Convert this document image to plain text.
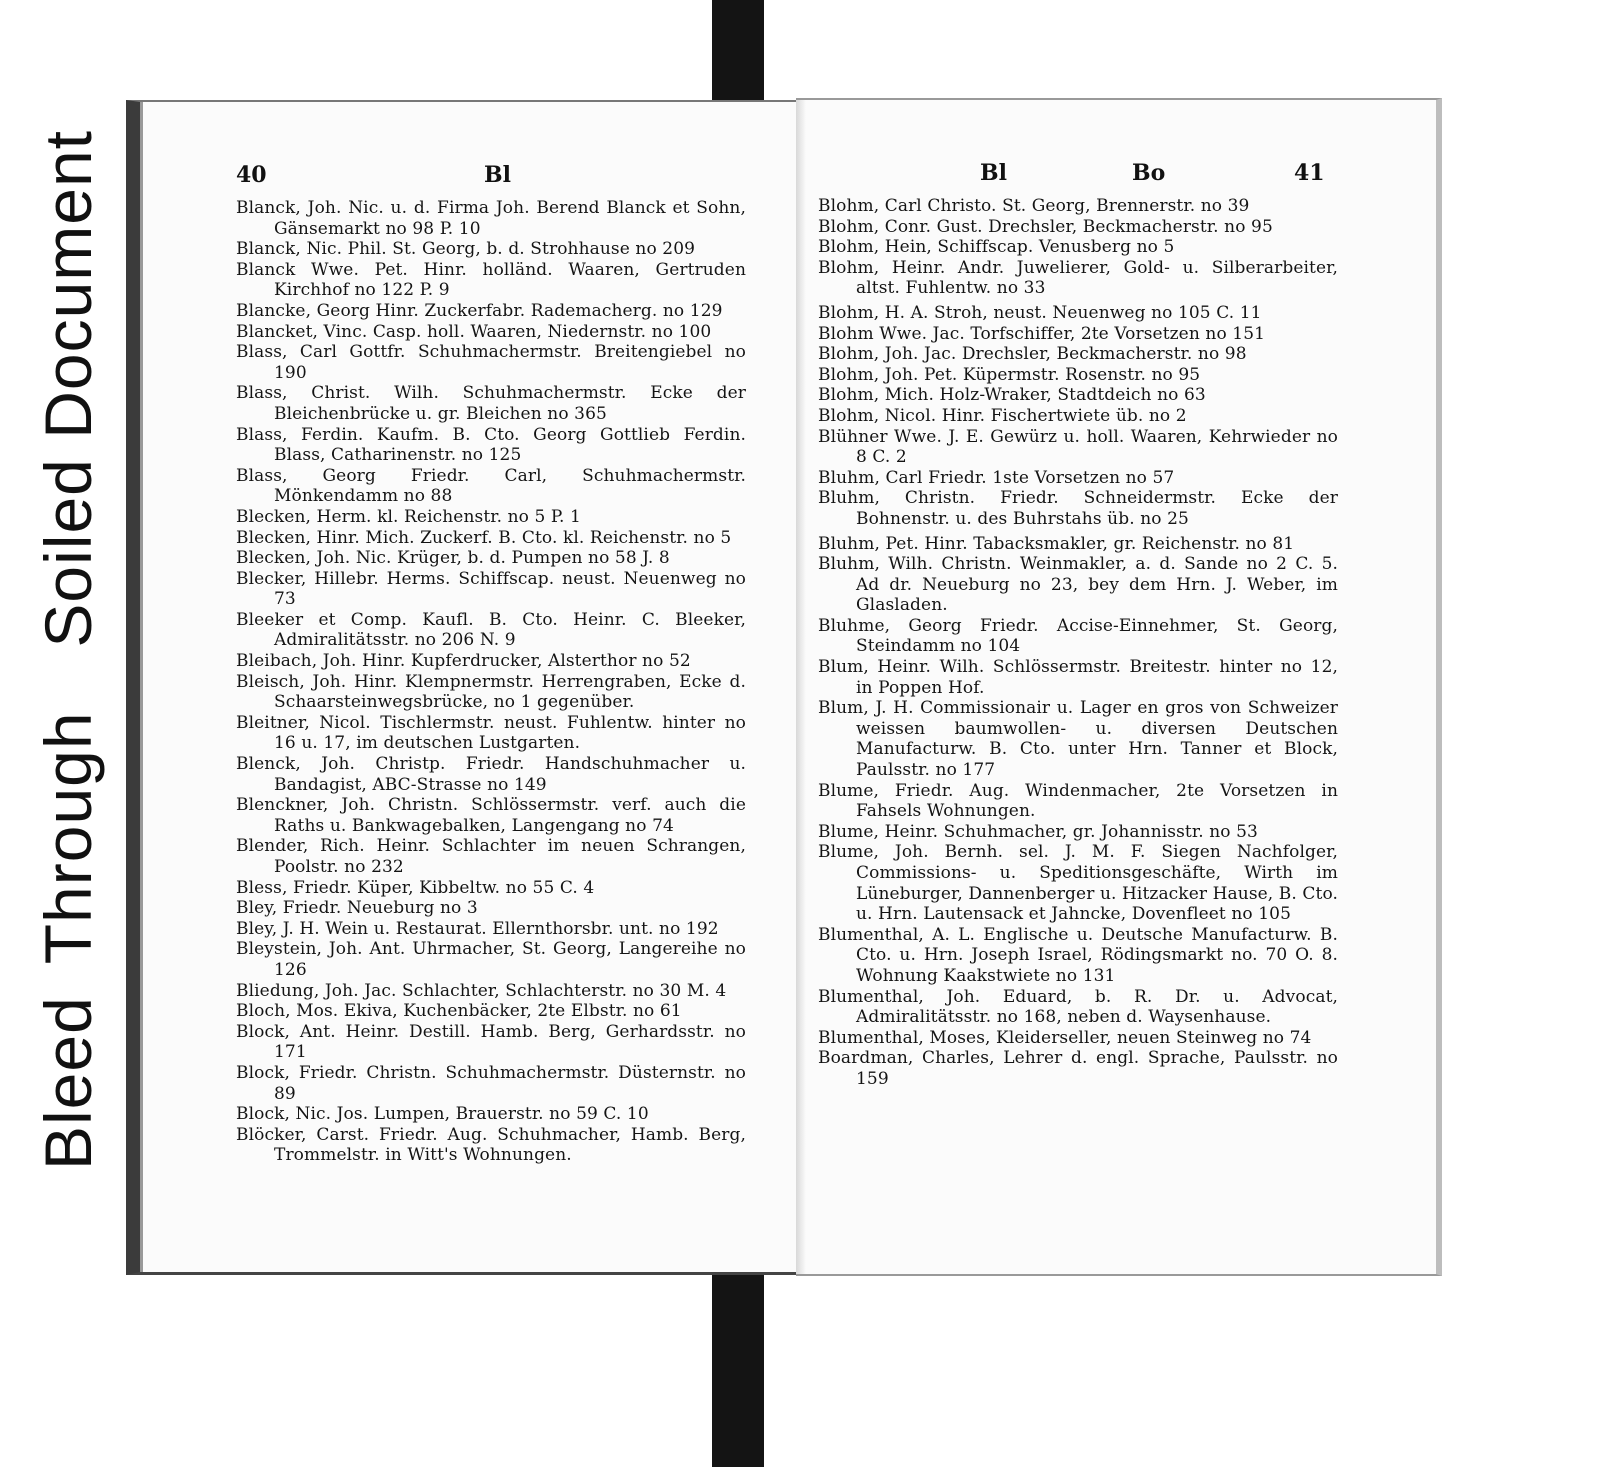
Bleed
Through
Soiled Document	40	Bl

Blanck, Joh. Nic. u. d. Firma Joh. Berend Blanck et Sohn, Gänsemarkt no 98 P. 10

Blanck, Nic. Phil. St. Georg, b. d. Strohhause no 209

Blanck Wwe. Pet. Hinr. holländ. Waaren, Gertruden Kirchhof no 122 P. 9

Blancke, Georg Hinr. Zuckerfabr. Rademacherg. no 129

Blancket, Vinc. Casp. holl. Waaren, Niedernstr. no 100

Blass, Carl Gottfr. Schuhmachermstr. Breitengiebel no 190

Blass, Christ. Wilh. Schuhmachermstr. Ecke der Bleichenbrücke u. gr. Bleichen no 365

Blass, Ferdin. Kaufm. B. Cto. Georg Gottlieb Ferdin. Blass, Catharinenstr. no 125

Blass, Georg Friedr. Carl, Schuhmachermstr. Mönkendamm no 88

Blecken, Herm. kl. Reichenstr. no 5 P. 1

Blecken, Hinr. Mich. Zuckerf. B. Cto. kl. Reichenstr. no 5

Blecken, Joh. Nic. Krüger, b. d. Pumpen no 58 J. 8

Blecker, Hillebr. Herms. Schiffscap. neust. Neuenweg no 73

Bleeker et Comp. Kaufl. B. Cto. Heinr. C. Bleeker, Admiralitätsstr. no 206 N. 9

Bleibach, Joh. Hinr. Kupferdrucker, Alsterthor no 52

Bleisch, Joh. Hinr. Klempnermstr. Herrengraben, Ecke d. Schaarsteinwegsbrücke, no 1 gegenüber.

Bleitner, Nicol. Tischlermstr. neust. Fuhlentw. hinter no 16 u. 17, im deutschen Lustgarten.

Blenck, Joh. Christp. Friedr. Handschuhmacher u. Bandagist, ABC-Strasse no 149

Blenckner, Joh. Christn. Schlössermstr. verf. auch die Raths u. Bankwagebalken, Langengang no 74

Blender, Rich. Heinr. Schlachter im neuen Schrangen, Poolstr. no 232

Bless, Friedr. Küper, Kibbeltw. no 55 C. 4

Bley, Friedr. Neueburg no 3

Bley, J. H. Wein u. Restaurat. Ellernthorsbr. unt. no 192

Bleystein, Joh. Ant. Uhrmacher, St. Georg, Langereihe no 126

Bliedung, Joh. Jac. Schlachter, Schlachterstr. no 30 M. 4

Bloch, Mos. Ekiva, Kuchenbäcker, 2te Elbstr. no 61

Block, Ant. Heinr. Destill. Hamb. Berg, Gerhardsstr. no 171

Block, Friedr. Christn. Schuhmachermstr. Düsternstr. no 89

Block, Nic. Jos. Lumpen, Brauerstr. no 59 C. 10

Blöcker, Carst. Friedr. Aug. Schuhmacher, Hamb. Berg, Trommelstr. in Witt's Wohnungen.

Bl	Bo	41

Blohm, Carl Christo. St. Georg, Brennerstr. no 39

Blohm, Conr. Gust. Drechsler, Beckmacherstr. no 95

Blohm, Hein, Schiffscap. Venusberg no 5

Blohm, Heinr. Andr. Juwelierer, Gold- u. Silberarbeiter, altst. Fuhlentw. no 33

Blohm, H. A. Stroh, neust. Neuenweg no 105 C. 11

Blohm Wwe. Jac. Torfschiffer, 2te Vorsetzen no 151

Blohm, Joh. Jac. Drechsler, Beckmacherstr. no 98

Blohm, Joh. Pet. Küpermstr. Rosenstr. no 95

Blohm, Mich. Holz-Wraker, Stadtdeich no 63

Blohm, Nicol. Hinr. Fischertwiete üb. no 2

Blühner Wwe. J. E. Gewürz u. holl. Waaren, Kehrwieder no 8 C. 2

Bluhm, Carl Friedr. 1ste Vorsetzen no 57

Bluhm, Christn. Friedr. Schneidermstr. Ecke der Bohnenstr. u. des Buhrstahs üb. no 25

Bluhm, Pet. Hinr. Tabacksmakler, gr. Reichenstr. no 81

Bluhm, Wilh. Christn. Weinmakler, a. d. Sande no 2 C. 5. Ad dr. Neueburg no 23, bey dem Hrn. J. Weber, im Glasladen.

Bluhme, Georg Friedr. Accise-Einnehmer, St. Georg, Steindamm no 104

Blum, Heinr. Wilh. Schlössermstr. Breitestr. hinter no 12, in Poppen Hof.

Blum, J. H. Commissionair u. Lager en gros von Schweizer weissen baumwollen- u. diversen Deutschen Manufacturw. B. Cto. unter Hrn. Tanner et Block, Paulsstr. no 177

Blume, Friedr. Aug. Windenmacher, 2te Vorsetzen in Fahsels Wohnungen.

Blume, Heinr. Schuhmacher, gr. Johannisstr. no 53

Blume, Joh. Bernh. sel. J. M. F. Siegen Nachfolger, Commissions- u. Speditionsgeschäfte, Wirth im Lüneburger, Dannenberger u. Hitzacker Hause, B. Cto. u. Hrn. Lautensack et Jahncke, Dovenfleet no 105

Blumenthal, A. L. Englische u. Deutsche Manufacturw. B. Cto. u. Hrn. Joseph Israel, Rödingsmarkt no. 70 O. 8. Wohnung Kaakstwiete no 131

Blumenthal, Joh. Eduard, b. R. Dr. u. Advocat, Admiralitätsstr. no 168, neben d. Waysenhause.

Blumenthal, Moses, Kleiderseller, neuen Steinweg no 74

Boardman, Charles, Lehrer d. engl. Sprache, Paulsstr. no 159
